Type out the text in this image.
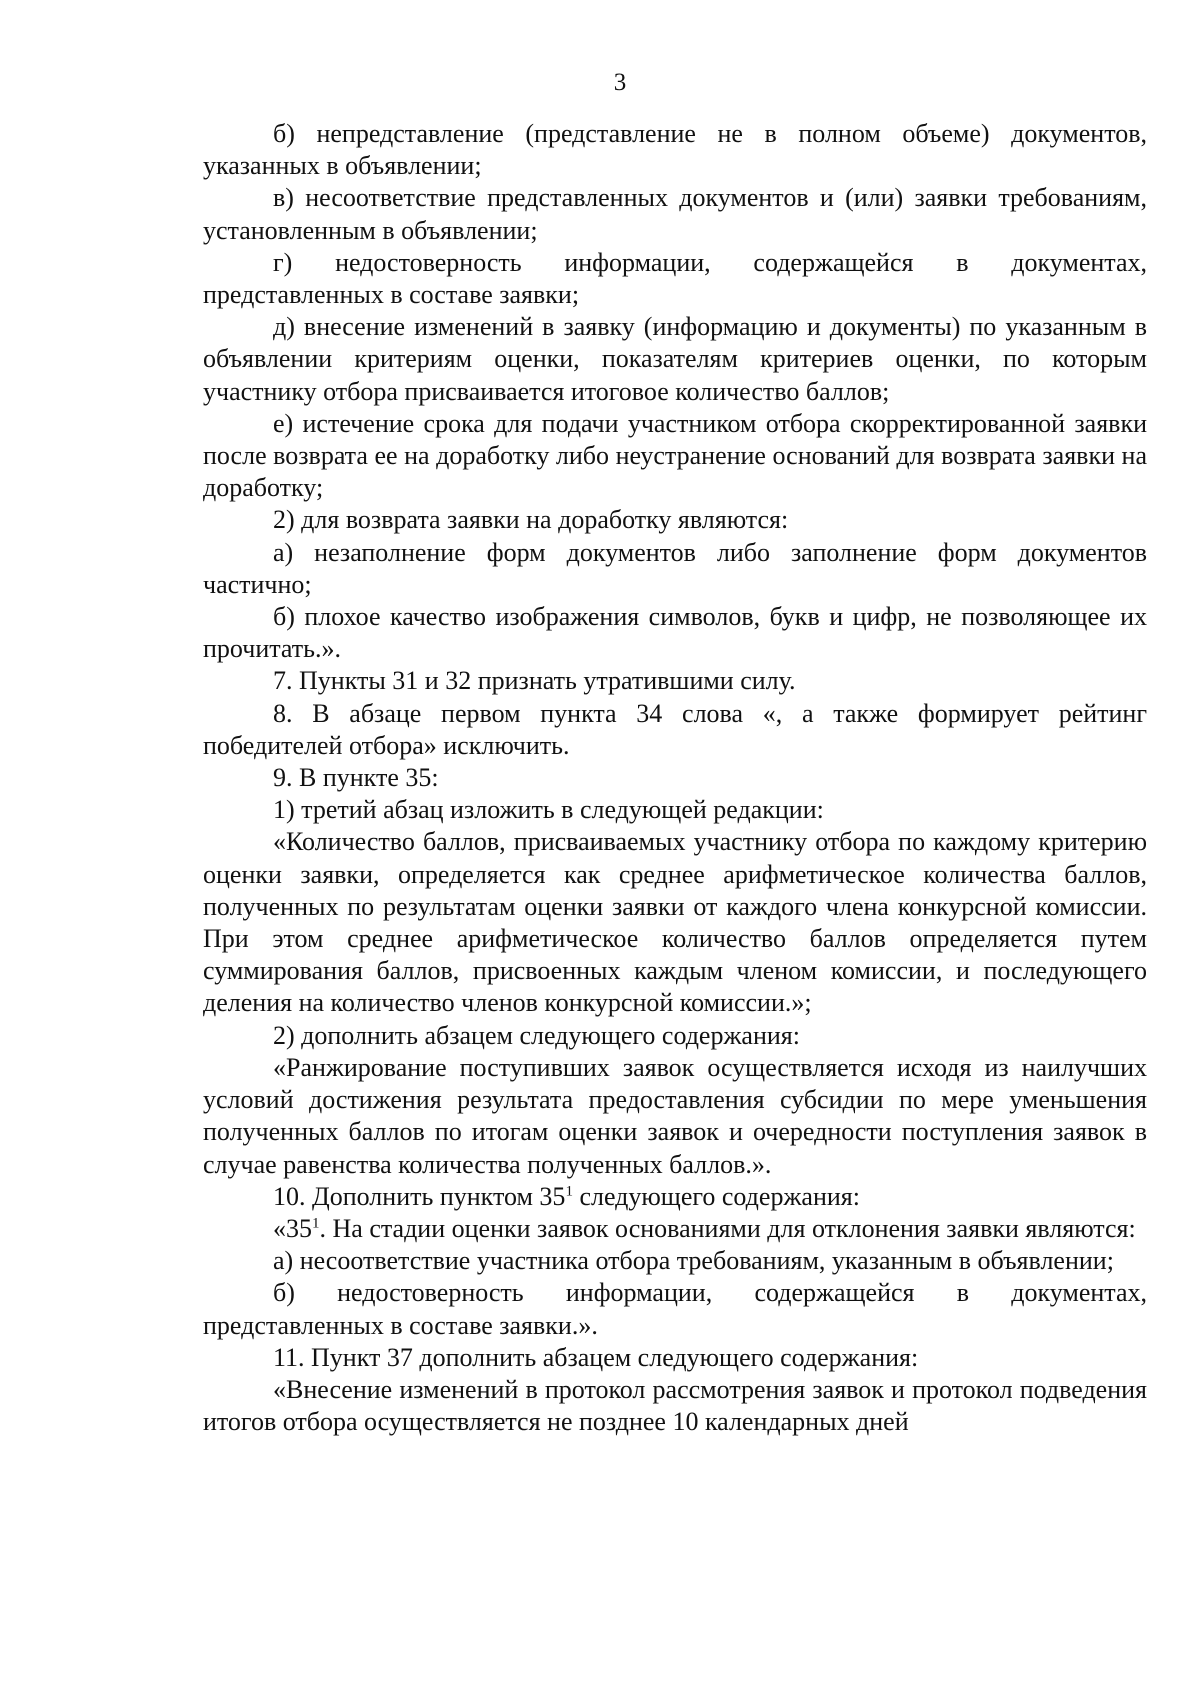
3

б) непредставление (представление не в полном объеме) документов, указанных в объявлении;

в) несоответствие представленных документов и (или) заявки требованиям, установленным в объявлении;

г) недостоверность информации, содержащейся в документах, представленных в составе заявки;

д) внесение изменений в заявку (информацию и документы) по указанным в объявлении критериям оценки, показателям критериев оценки, по которым участнику отбора присваивается итоговое количество баллов;

е) истечение срока для подачи участником отбора скорректированной заявки после возврата ее на доработку либо неустранение оснований для возврата заявки на доработку;

2) для возврата заявки на доработку являются:

а) незаполнение форм документов либо заполнение форм документов частично;

б) плохое качество изображения символов, букв и цифр, не позволяющее их прочитать.».

7. Пункты 31 и 32 признать утратившими силу.

8. В абзаце первом пункта 34 слова «, а также формирует рейтинг победителей отбора» исключить.

9. В пункте 35:

1) третий абзац изложить в следующей редакции:

«Количество баллов, присваиваемых участнику отбора по каждому критерию оценки заявки, определяется как среднее арифметическое количества баллов, полученных по результатам оценки заявки от каждого члена конкурсной комиссии. При этом среднее арифметическое количество баллов определяется путем суммирования баллов, присвоенных каждым членом комиссии, и последующего деления на количество членов конкурсной комиссии.»;

2) дополнить абзацем следующего содержания:

«Ранжирование поступивших заявок осуществляется исходя из наилучших условий достижения результата предоставления субсидии по мере уменьшения полученных баллов по итогам оценки заявок и очередности поступления заявок в случае равенства количества полученных баллов.».

10. Дополнить пунктом $35^1$ следующего содержания:

«$35^1$. На стадии оценки заявок основаниями для отклонения заявки являются:

а) несоответствие участника отбора требованиям, указанным в объявлении;

б) недостоверность информации, содержащейся в документах, представленных в составе заявки.».

11. Пункт 37 дополнить абзацем следующего содержания:

«Внесение изменений в протокол рассмотрения заявок и протокол подведения итогов отбора осуществляется не позднее 10 календарных дней
